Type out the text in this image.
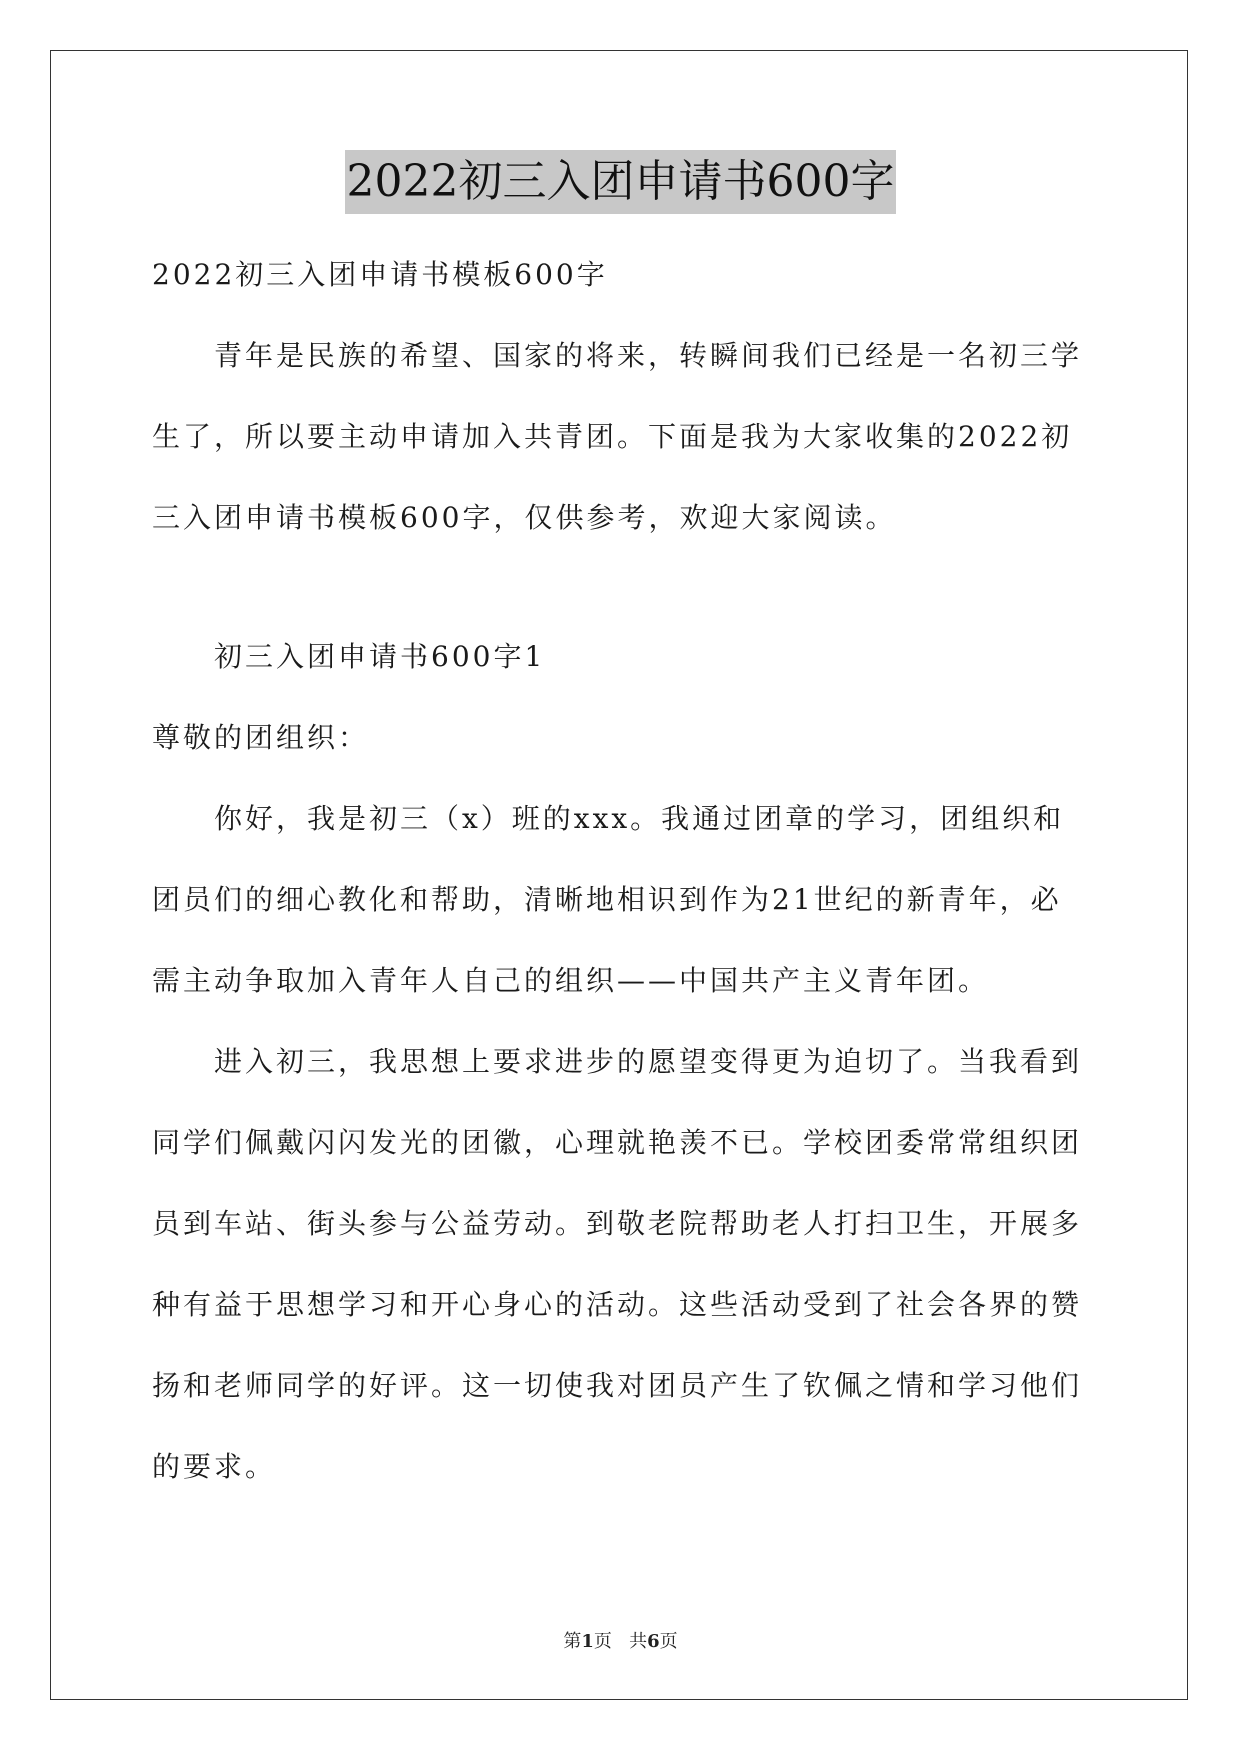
2022初三入团申请书600字

2022初三入团申请书模板600字

青年是民族的希望、国家的将来，转瞬间我们已经是一名初三学生了，所以要主动申请加入共青团。下面是我为大家收集的2022初三入团申请书模板600字，仅供参考，欢迎大家阅读。

初三入团申请书600字1

尊敬的团组织：

你好，我是初三（x）班的xxx。我通过团章的学习，团组织和团员们的细心教化和帮助，清晰地相识到作为21世纪的新青年，必需主动争取加入青年人自己的组织——中国共产主义青年团。

进入初三，我思想上要求进步的愿望变得更为迫切了。当我看到同学们佩戴闪闪发光的团徽，心理就艳羡不已。学校团委常常组织团员到车站、街头参与公益劳动。到敬老院帮助老人打扫卫生，开展多种有益于思想学习和开心身心的活动。这些活动受到了社会各界的赞扬和老师同学的好评。这一切使我对团员产生了钦佩之情和学习他们的要求。

第1页 共6页
